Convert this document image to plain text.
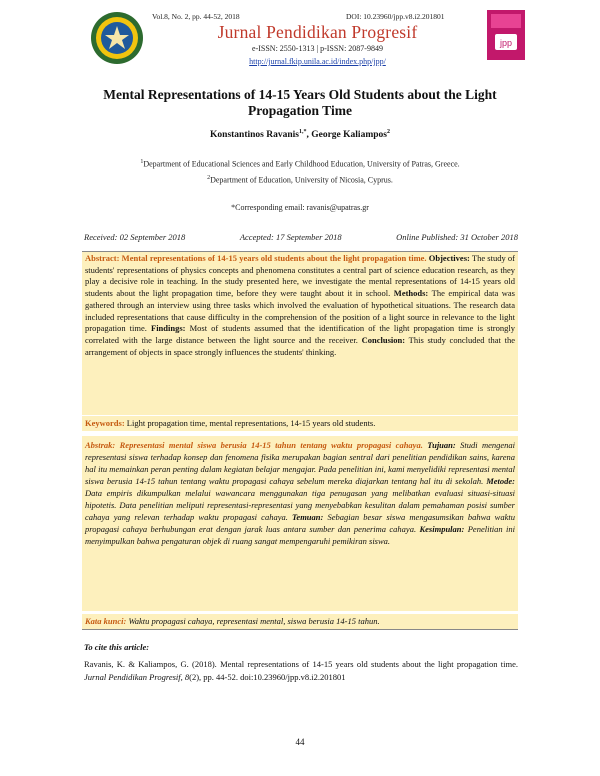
Vol.8, No. 2, pp. 44-52, 2018	DOI: 10.23960/jpp.v8.i2.201801
Jurnal Pendidikan Progresif
e-ISSN: 2550-1313 | p-ISSN: 2087-9849
http://jurnal.fkip.unila.ac.id/index.php/jpp/
jpp
Mental Representations of 14-15 Years Old Students about the Light Propagation Time
Konstantinos Ravanis$^{1,*}$, George Kaliampos$^2$
$^1$Department of Educational Sciences and Early Childhood Education, University of Patras, Greece.
$^2$Department of Education, University of Nicosia, Cyprus.
*Corresponding email: ravanis@upatras.gr
Received: 02 September 2018	Accepted: 17 September 2018	Online Published: 31 October 2018
Abstract: Mental representations of 14-15 years old students about the light propagation time. Objectives: The study of students' representations of physics concepts and phenomena constitutes a central part of science education research, as they play a decisive role in teaching. In the study presented here, we investigate the mental representations of 14-15 years old students about the light propagation time, before they were taught about it in school. Methods: The empirical data was gathered through an interview using three tasks which involved the evaluation of hypothetical situations. The research data included representations that cause difficulty in the comprehension of the position of a light source in relevance to the light propagation time. Findings: Most of students assumed that the identification of the light propagation time is strongly correlated with the large distance between the light source and the receiver. Conclusion: This study concluded that the arrangement of objects in space strongly influences the students' thinking.
Keywords: Light propagation time, mental representations, 14-15 years old students.
Abstrak: Representasi mental siswa berusia 14-15 tahun tentang waktu propagasi cahaya. Tujuan: Studi mengenai representasi siswa terhadap konsep dan fenomena fisika merupakan bagian sentral dari penelitian pendidikan sains, karena hal itu memainkan peran penting dalam kegiatan belajar mengajar. Pada penelitian ini, kami menyelidiki representasi mental siswa berusia 14-15 tahun tentang waktu propagasi cahaya sebelum mereka diajarkan tentang hal itu di sekolah. Metode: Data empiris dikumpulkan melalui wawancara menggunakan tiga penugasan yang melibatkan evaluasi situasi-situasi hipotetis. Data penelitian meliputi representasi-representasi yang menyebabkan kesulitan dalam pemahaman posisi sumber cahaya yang relevan terhadap waktu propagasi cahaya. Temuan: Sebagian besar siswa mengasumsikan bahwa waktu propagasi cahaya berhubungan erat dengan jarak luas antara sumber dan penerima cahaya. Kesimpulan: Penelitian ini menyimpulkan bahwa pengaturan objek di ruang sangat mempengaruhi pemikiran siswa.
Kata kunci: Waktu propagasi cahaya, representasi mental, siswa berusia 14-15 tahun.
To cite this article:
Ravanis, K. & Kaliampos, G. (2018). Mental representations of 14-15 years old students about the light propagation time. Jurnal Pendidikan Progresif, 8(2), pp. 44-52. doi:10.23960/jpp.v8.i2.201801
44
